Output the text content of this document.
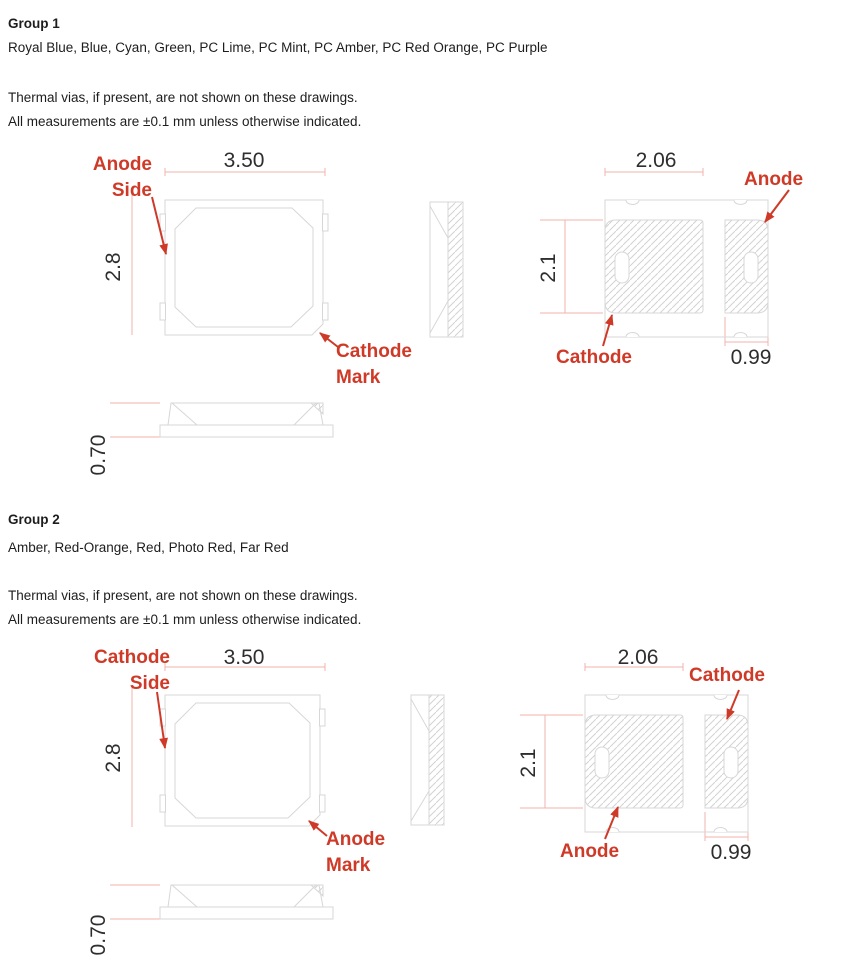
Group 1
Royal Blue, Blue, Cyan, Green, PC Lime, PC Mint, PC Amber, PC Red Orange, PC Purple
Thermal vias, if present, are not shown on these drawings.
All measurements are ±0.1 mm unless otherwise indicated.
3.50
2.8
2.06
2.1
0.99
0.70
Anode
Side
Cathode
Mark
Anode
Cathode
Group 2
Amber, Red-Orange, Red, Photo Red, Far Red
Thermal vias, if present, are not shown on these drawings.
All measurements are ±0.1 mm unless otherwise indicated.
3.50
2.8
2.06
2.1
0.99
0.70
Cathode
Side
Anode
Mark
Cathode
Anode
